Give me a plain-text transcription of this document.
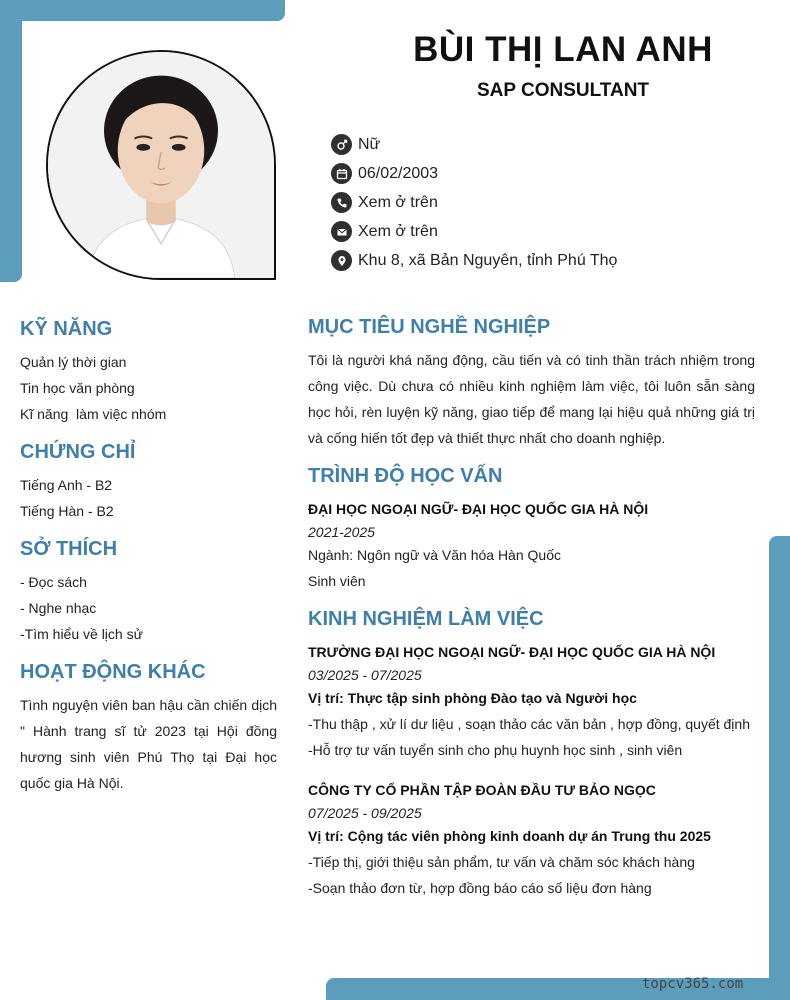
BÙI THỊ LAN ANH
SAP CONSULTANT
Nữ
06/02/2003
Xem ở trên
Xem ở trên
Khu 8, xã Bản Nguyên, tỉnh Phú Thọ
KỸ NĂNG
Quản lý thời gian
Tin học văn phòng
Kĩ năng  làm việc nhóm
CHỨNG CHỈ
Tiếng Anh - B2
Tiếng Hàn - B2
SỞ THÍCH
- Đọc sách
- Nghe nhạc
-Tìm hiểu về lịch sử
HOẠT ĐỘNG KHÁC
Tình nguyện viên ban hậu cần chiến dịch " Hành trang sĩ tử 2023 tại Hội đồng hương sinh viên Phú Thọ tại Đại học quốc gia Hà Nội.
MỤC TIÊU NGHỀ NGHIỆP
Tôi là người khá năng động, cầu tiến và có tinh thần trách nhiệm trong công việc. Dù chưa có nhiều kinh nghiệm làm việc, tôi luôn sẵn sàng học hỏi, rèn luyện kỹ năng, giao tiếp để mang lại hiệu quả những giá trị và cống hiến tốt đẹp và thiết thực nhất cho doanh nghiệp.
TRÌNH ĐỘ HỌC VẤN
ĐẠI HỌC NGOẠI NGỮ- ĐẠI HỌC QUỐC GIA HÀ NỘI
2021-2025
Ngành: Ngôn ngữ và Văn hóa Hàn Quốc
Sinh viên
KINH NGHIỆM LÀM VIỆC
TRƯỜNG ĐẠI HỌC NGOẠI NGỮ- ĐẠI HỌC QUỐC GIA HÀ NỘI
03/2025 - 07/2025
Vị trí: Thực tập sinh phòng Đào tạo và Người học
-Thu thập , xử lí dư liệu , soạn thảo các văn bản , hợp đồng, quyết định
-Hỗ trợ tư vấn tuyển sinh cho phụ huynh học sinh , sinh viên
CÔNG TY CỔ PHẦN TẬP ĐOÀN ĐẦU TƯ BẢO NGỌC
07/2025 - 09/2025
Vị trí: Cộng tác viên phòng kinh doanh dự án Trung thu 2025
-Tiếp thị, giới thiệu sản phẩm, tư vấn và chăm sóc khách hàng
-Soạn thảo đơn từ, hợp đồng báo cáo số liệu đơn hàng
topcv365.com
